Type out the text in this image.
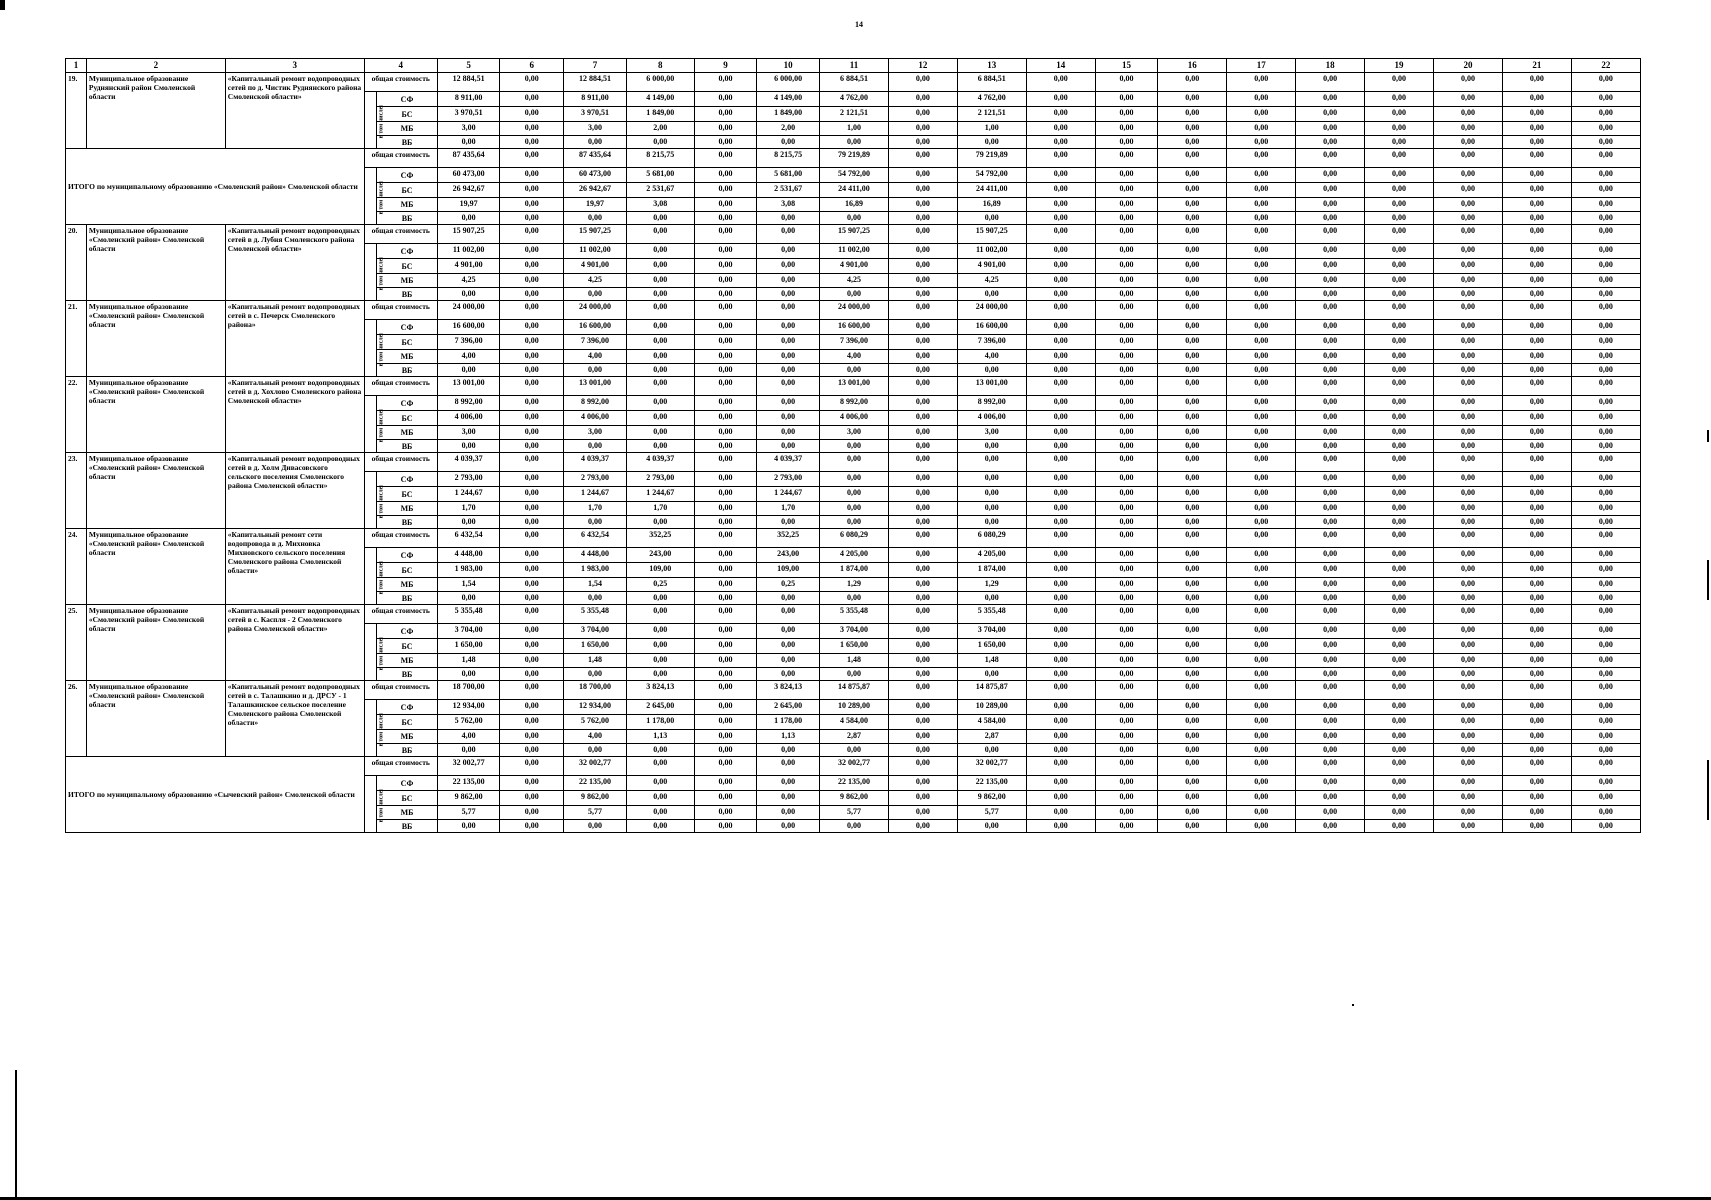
14
1	2	3	4		5	6	7	8	9	10	11	12	13	14	15	16	17	18	19	20	21	22
19.	Муниципальное образование Руднянский район Смоленской области	«Капитальный ремонт водопроводных сетей по д. Чистик Руднянского района Смоленской области»	общая стоимость		12 884,51	0,00	12 884,51	6 000,00	0,00	6 000,00	6 884,51	0,00	6 884,51	0,00	0,00	0,00	0,00	0,00	0,00	0,00	0,00	0,00
			в том числе:	СФ	8 911,00	0,00	8 911,00	4 149,00	0,00	4 149,00	4 762,00	0,00	4 762,00	0,00	0,00	0,00	0,00	0,00	0,00	0,00	0,00	0,00
				БС	3 970,51	0,00	3 970,51	1 849,00	0,00	1 849,00	2 121,51	0,00	2 121,51	0,00	0,00	0,00	0,00	0,00	0,00	0,00	0,00	0,00
				МБ	3,00	0,00	3,00	2,00	0,00	2,00	1,00	0,00	1,00	0,00	0,00	0,00	0,00	0,00	0,00	0,00	0,00	0,00
				ВБ	0,00	0,00	0,00	0,00	0,00	0,00	0,00	0,00	0,00	0,00	0,00	0,00	0,00	0,00	0,00	0,00	0,00	0,00
ИТОГО по муниципальному образованию «Смоленский район» Смоленской области			общая стоимость		87 435,64	0,00	87 435,64	8 215,75	0,00	8 215,75	79 219,89	0,00	79 219,89	0,00	0,00	0,00	0,00	0,00	0,00	0,00	0,00	0,00
			в том числе:	СФ	60 473,00	0,00	60 473,00	5 681,00	0,00	5 681,00	54 792,00	0,00	54 792,00	0,00	0,00	0,00	0,00	0,00	0,00	0,00	0,00	0,00
				БС	26 942,67	0,00	26 942,67	2 531,67	0,00	2 531,67	24 411,00	0,00	24 411,00	0,00	0,00	0,00	0,00	0,00	0,00	0,00	0,00	0,00
				МБ	19,97	0,00	19,97	3,08	0,00	3,08	16,89	0,00	16,89	0,00	0,00	0,00	0,00	0,00	0,00	0,00	0,00	0,00
				ВБ	0,00	0,00	0,00	0,00	0,00	0,00	0,00	0,00	0,00	0,00	0,00	0,00	0,00	0,00	0,00	0,00	0,00	0,00
20.	Муниципальное образование «Смоленский район» Смоленской области	«Капитальный ремонт водопроводных сетей в д. Лубня Смоленского района Смоленской области»	общая стоимость		15 907,25	0,00	15 907,25	0,00	0,00	0,00	15 907,25	0,00	15 907,25	0,00	0,00	0,00	0,00	0,00	0,00	0,00	0,00	0,00
			в том числе:	СФ	11 002,00	0,00	11 002,00	0,00	0,00	0,00	11 002,00	0,00	11 002,00	0,00	0,00	0,00	0,00	0,00	0,00	0,00	0,00	0,00
				БС	4 901,00	0,00	4 901,00	0,00	0,00	0,00	4 901,00	0,00	4 901,00	0,00	0,00	0,00	0,00	0,00	0,00	0,00	0,00	0,00
				МБ	4,25	0,00	4,25	0,00	0,00	0,00	4,25	0,00	4,25	0,00	0,00	0,00	0,00	0,00	0,00	0,00	0,00	0,00
				ВБ	0,00	0,00	0,00	0,00	0,00	0,00	0,00	0,00	0,00	0,00	0,00	0,00	0,00	0,00	0,00	0,00	0,00	0,00
21.	Муниципальное образование «Смоленский район» Смоленской области	«Капитальный ремонт водопроводных сетей в с. Печерск Смоленского района»	общая стоимость		24 000,00	0,00	24 000,00	0,00	0,00	0,00	24 000,00	0,00	24 000,00	0,00	0,00	0,00	0,00	0,00	0,00	0,00	0,00	0,00
			в том числе:	СФ	16 600,00	0,00	16 600,00	0,00	0,00	0,00	16 600,00	0,00	16 600,00	0,00	0,00	0,00	0,00	0,00	0,00	0,00	0,00	0,00
				БС	7 396,00	0,00	7 396,00	0,00	0,00	0,00	7 396,00	0,00	7 396,00	0,00	0,00	0,00	0,00	0,00	0,00	0,00	0,00	0,00
				МБ	4,00	0,00	4,00	0,00	0,00	0,00	4,00	0,00	4,00	0,00	0,00	0,00	0,00	0,00	0,00	0,00	0,00	0,00
				ВБ	0,00	0,00	0,00	0,00	0,00	0,00	0,00	0,00	0,00	0,00	0,00	0,00	0,00	0,00	0,00	0,00	0,00	0,00
22.	Муниципальное образование «Смоленский район» Смоленской области	«Капитальный ремонт водопроводных сетей в д. Хохлово Смоленского района Смоленской области»	общая стоимость		13 001,00	0,00	13 001,00	0,00	0,00	0,00	13 001,00	0,00	13 001,00	0,00	0,00	0,00	0,00	0,00	0,00	0,00	0,00	0,00
			в том числе:	СФ	8 992,00	0,00	8 992,00	0,00	0,00	0,00	8 992,00	0,00	8 992,00	0,00	0,00	0,00	0,00	0,00	0,00	0,00	0,00	0,00
				БС	4 006,00	0,00	4 006,00	0,00	0,00	0,00	4 006,00	0,00	4 006,00	0,00	0,00	0,00	0,00	0,00	0,00	0,00	0,00	0,00
				МБ	3,00	0,00	3,00	0,00	0,00	0,00	3,00	0,00	3,00	0,00	0,00	0,00	0,00	0,00	0,00	0,00	0,00	0,00
				ВБ	0,00	0,00	0,00	0,00	0,00	0,00	0,00	0,00	0,00	0,00	0,00	0,00	0,00	0,00	0,00	0,00	0,00	0,00
23.	Муниципальное образование «Смоленский район» Смоленской области	«Капитальный ремонт водопроводных сетей в д. Холм Дивасовского сельского поселения Смоленского района Смоленской области»	общая стоимость		4 039,37	0,00	4 039,37	4 039,37	0,00	4 039,37	0,00	0,00	0,00	0,00	0,00	0,00	0,00	0,00	0,00	0,00	0,00	0,00
			в том числе:	СФ	2 793,00	0,00	2 793,00	2 793,00	0,00	2 793,00	0,00	0,00	0,00	0,00	0,00	0,00	0,00	0,00	0,00	0,00	0,00	0,00
				БС	1 244,67	0,00	1 244,67	1 244,67	0,00	1 244,67	0,00	0,00	0,00	0,00	0,00	0,00	0,00	0,00	0,00	0,00	0,00	0,00
				МБ	1,70	0,00	1,70	1,70	0,00	1,70	0,00	0,00	0,00	0,00	0,00	0,00	0,00	0,00	0,00	0,00	0,00	0,00
				ВБ	0,00	0,00	0,00	0,00	0,00	0,00	0,00	0,00	0,00	0,00	0,00	0,00	0,00	0,00	0,00	0,00	0,00	0,00
24.	Муниципальное образование «Смоленский район» Смоленской области	«Капитальный ремонт сети водопровода в д. Михновка Михновского сельского поселения Смоленского района Смоленской области»	общая стоимость		6 432,54	0,00	6 432,54	352,25	0,00	352,25	6 080,29	0,00	6 080,29	0,00	0,00	0,00	0,00	0,00	0,00	0,00	0,00	0,00
			в том числе:	СФ	4 448,00	0,00	4 448,00	243,00	0,00	243,00	4 205,00	0,00	4 205,00	0,00	0,00	0,00	0,00	0,00	0,00	0,00	0,00	0,00
				БС	1 983,00	0,00	1 983,00	109,00	0,00	109,00	1 874,00	0,00	1 874,00	0,00	0,00	0,00	0,00	0,00	0,00	0,00	0,00	0,00
				МБ	1,54	0,00	1,54	0,25	0,00	0,25	1,29	0,00	1,29	0,00	0,00	0,00	0,00	0,00	0,00	0,00	0,00	0,00
				ВБ	0,00	0,00	0,00	0,00	0,00	0,00	0,00	0,00	0,00	0,00	0,00	0,00	0,00	0,00	0,00	0,00	0,00	0,00
25.	Муниципальное образование «Смоленский район» Смоленской области	«Капитальный ремонт водопроводных сетей в с. Каспля - 2 Смоленского района Смоленской области»	общая стоимость		5 355,48	0,00	5 355,48	0,00	0,00	0,00	5 355,48	0,00	5 355,48	0,00	0,00	0,00	0,00	0,00	0,00	0,00	0,00	0,00
			в том числе:	СФ	3 704,00	0,00	3 704,00	0,00	0,00	0,00	3 704,00	0,00	3 704,00	0,00	0,00	0,00	0,00	0,00	0,00	0,00	0,00	0,00
				БС	1 650,00	0,00	1 650,00	0,00	0,00	0,00	1 650,00	0,00	1 650,00	0,00	0,00	0,00	0,00	0,00	0,00	0,00	0,00	0,00
				МБ	1,48	0,00	1,48	0,00	0,00	0,00	1,48	0,00	1,48	0,00	0,00	0,00	0,00	0,00	0,00	0,00	0,00	0,00
				ВБ	0,00	0,00	0,00	0,00	0,00	0,00	0,00	0,00	0,00	0,00	0,00	0,00	0,00	0,00	0,00	0,00	0,00	0,00
26.	Муниципальное образование «Смоленский район» Смоленской области	«Капитальный ремонт водопроводных сетей в с. Талашкино и д. ДРСУ - 1 Талашкинское сельское поселение Смоленского района Смоленской области»	общая стоимость		18 700,00	0,00	18 700,00	3 824,13	0,00	3 824,13	14 875,87	0,00	14 875,87	0,00	0,00	0,00	0,00	0,00	0,00	0,00	0,00	0,00
			в том числе:	СФ	12 934,00	0,00	12 934,00	2 645,00	0,00	2 645,00	10 289,00	0,00	10 289,00	0,00	0,00	0,00	0,00	0,00	0,00	0,00	0,00	0,00
				БС	5 762,00	0,00	5 762,00	1 178,00	0,00	1 178,00	4 584,00	0,00	4 584,00	0,00	0,00	0,00	0,00	0,00	0,00	0,00	0,00	0,00
				МБ	4,00	0,00	4,00	1,13	0,00	1,13	2,87	0,00	2,87	0,00	0,00	0,00	0,00	0,00	0,00	0,00	0,00	0,00
				ВБ	0,00	0,00	0,00	0,00	0,00	0,00	0,00	0,00	0,00	0,00	0,00	0,00	0,00	0,00	0,00	0,00	0,00	0,00
ИТОГО по муниципальному образованию «Сычевский район» Смоленской области			общая стоимость		32 002,77	0,00	32 002,77	0,00	0,00	0,00	32 002,77	0,00	32 002,77	0,00	0,00	0,00	0,00	0,00	0,00	0,00	0,00	0,00
			в том числе:	СФ	22 135,00	0,00	22 135,00	0,00	0,00	0,00	22 135,00	0,00	22 135,00	0,00	0,00	0,00	0,00	0,00	0,00	0,00	0,00	0,00
				БС	9 862,00	0,00	9 862,00	0,00	0,00	0,00	9 862,00	0,00	9 862,00	0,00	0,00	0,00	0,00	0,00	0,00	0,00	0,00	0,00
				МБ	5,77	0,00	5,77	0,00	0,00	0,00	5,77	0,00	5,77	0,00	0,00	0,00	0,00	0,00	0,00	0,00	0,00	0,00
				ВБ	0,00	0,00	0,00	0,00	0,00	0,00	0,00	0,00	0,00	0,00	0,00	0,00	0,00	0,00	0,00	0,00	0,00	0,00
